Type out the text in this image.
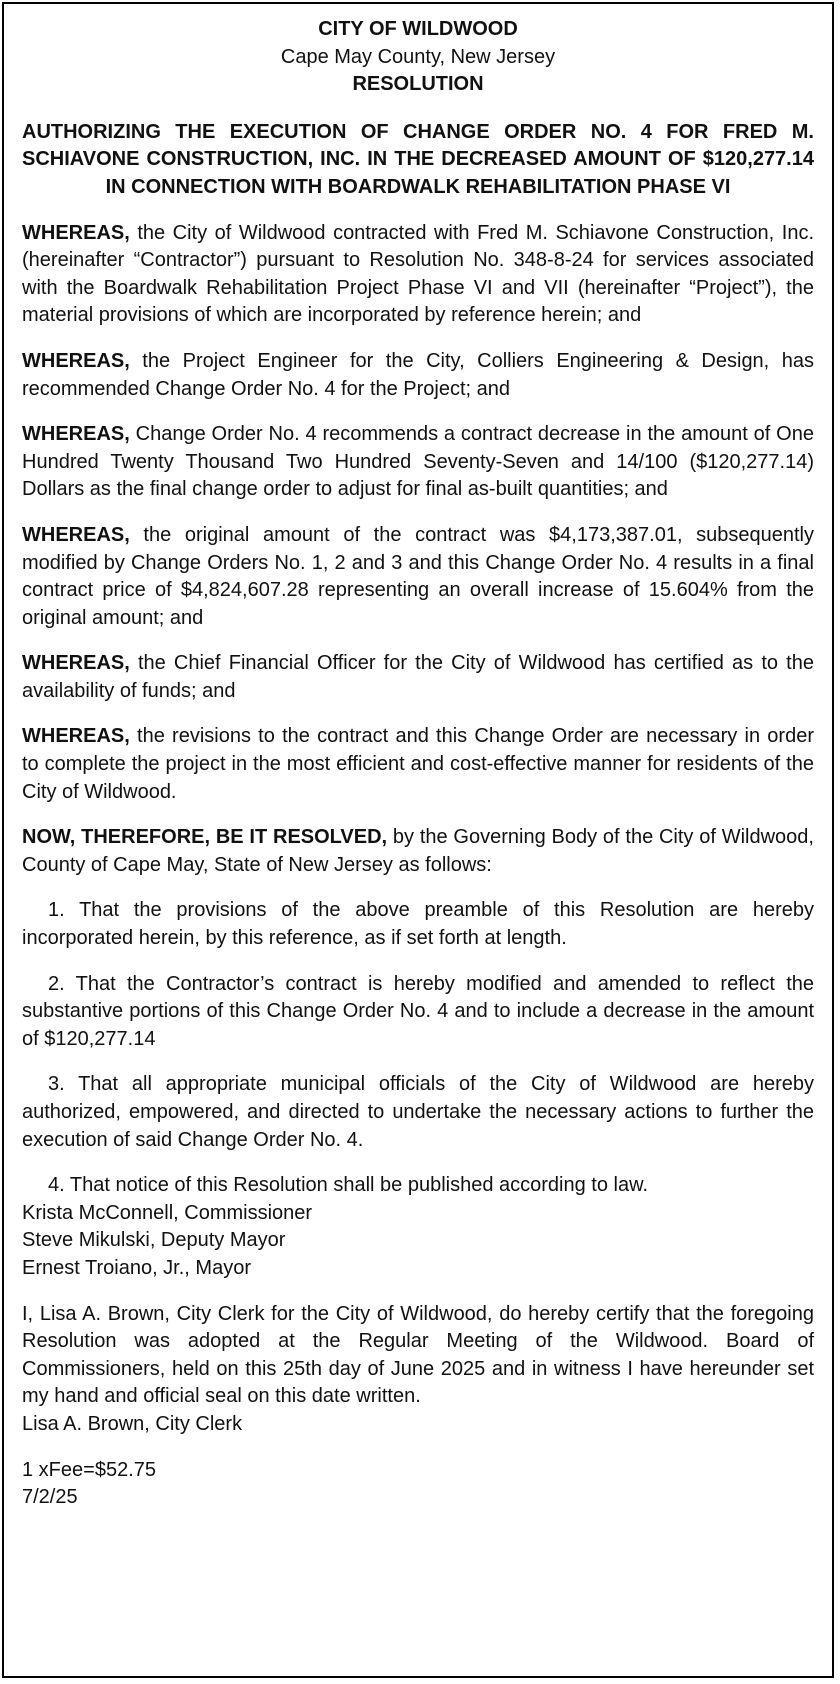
CITY OF WILDWOOD
Cape May County, New Jersey
RESOLUTION
AUTHORIZING THE EXECUTION OF CHANGE ORDER NO. 4 FOR FRED M. SCHIAVONE CONSTRUCTION, INC. IN THE DECREASED AMOUNT OF $120,277.14 IN CONNECTION WITH BOARDWALK REHABILITATION PHASE VI

WHEREAS, the City of Wildwood contracted with Fred M. Schiavone Construction, Inc. (hereinafter “Contractor”) pursuant to Resolution No. 348-8-24 for services associated with the Boardwalk Rehabilitation Project Phase VI and VII (hereinafter “Project”), the material provisions of which are incorporated by reference herein; and

WHEREAS, the Project Engineer for the City, Colliers Engineering & Design, has recommended Change Order No. 4 for the Project; and

WHEREAS, Change Order No. 4 recommends a contract decrease in the amount of One Hundred Twenty Thousand Two Hundred Seventy-Seven and 14/100 ($120,277.14) Dollars as the final change order to adjust for final as-built quantities; and

WHEREAS, the original amount of the contract was $4,173,387.01, subsequently modified by Change Orders No. 1, 2 and 3 and this Change Order No. 4 results in a final contract price of $4,824,607.28 representing an overall increase of 15.604% from the original amount; and

WHEREAS, the Chief Financial Officer for the City of Wildwood has certified as to the availability of funds; and

WHEREAS, the revisions to the contract and this Change Order are necessary in order to complete the project in the most efficient and cost-effective manner for residents of the City of Wildwood.

NOW, THEREFORE, BE IT RESOLVED, by the Governing Body of the City of Wildwood, County of Cape May, State of New Jersey as follows:

1. That the provisions of the above preamble of this Resolution are hereby incorporated herein, by this reference, as if set forth at length.

2. That the Contractor’s contract is hereby modified and amended to reflect the substantive portions of this Change Order No. 4 and to include a decrease in the amount of $120,277.14

3. That all appropriate municipal officials of the City of Wildwood are hereby authorized, empowered, and directed to undertake the necessary actions to further the execution of said Change Order No. 4.

4. That notice of this Resolution shall be published according to law.

Krista McConnell, Commissioner
Steve Mikulski, Deputy Mayor
Ernest Troiano, Jr., Mayor

I, Lisa A. Brown, City Clerk for the City of Wildwood, do hereby certify that the foregoing Resolution was adopted at the Regular Meeting of the Wildwood. Board of Commissioners, held on this 25th day of June 2025 and in witness I have hereunder set my hand and official seal on this date written.
Lisa A. Brown, City Clerk

1 xFee=$52.75
7/2/25
